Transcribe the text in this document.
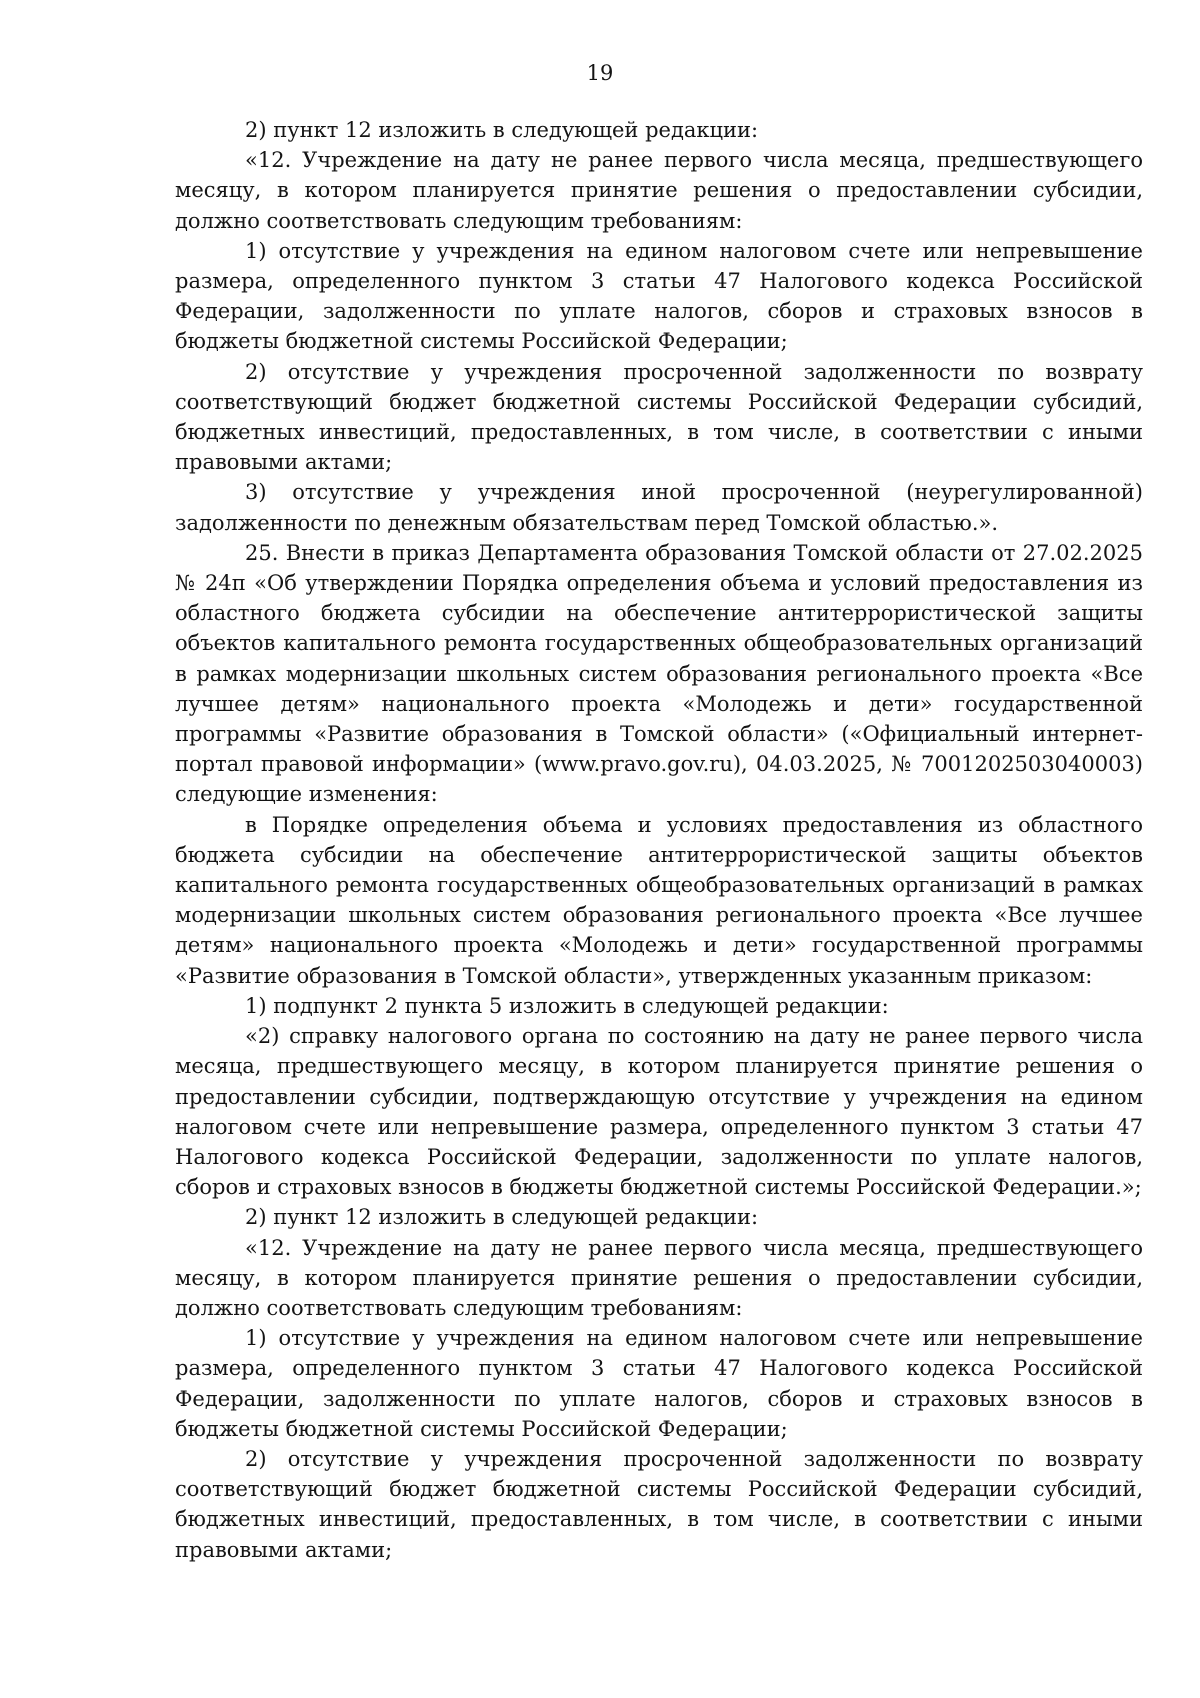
19

2) пункт 12 изложить в следующей редакции:

«12. Учреждение на дату не ранее первого числа месяца, предшествующего месяцу, в котором планируется принятие решения о предоставлении субсидии, должно соответствовать следующим требованиям:

1) отсутствие у учреждения на едином налоговом счете или непревышение размера, определенного пунктом 3 статьи 47 Налогового кодекса Российской Федерации, задолженности по уплате налогов, сборов и страховых взносов в бюджеты бюджетной системы Российской Федерации;

2) отсутствие у учреждения просроченной задолженности по возврату соответствующий бюджет бюджетной системы Российской Федерации субсидий, бюджетных инвестиций, предоставленных, в том числе, в соответствии с иными правовыми актами;

3) отсутствие у учреждения иной просроченной (неурегулированной) задолженности по денежным обязательствам перед Томской областью.».

25. Внести в приказ Департамента образования Томской области от 27.02.2025 № 24п «Об утверждении Порядка определения объема и условий предоставления из областного бюджета субсидии на обеспечение антитеррористической защиты объектов капитального ремонта государственных общеобразовательных организаций в рамках модернизации школьных систем образования регионального проекта «Все лучшее детям» национального проекта «Молодежь и дети» государственной программы «Развитие образования в Томской области» («Официальный интернет-портал правовой информации» (www.pravo.gov.ru), 04.03.2025, № 7001202503040003) следующие изменения:

в Порядке определения объема и условиях предоставления из областного бюджета субсидии на обеспечение антитеррористической защиты объектов капитального ремонта государственных общеобразовательных организаций в рамках модернизации школьных систем образования регионального проекта «Все лучшее детям» национального проекта «Молодежь и дети» государственной программы «Развитие образования в Томской области», утвержденных указанным приказом:

1) подпункт 2 пункта 5 изложить в следующей редакции:

«2) справку налогового органа по состоянию на дату не ранее первого числа месяца, предшествующего месяцу, в котором планируется принятие решения о предоставлении субсидии, подтверждающую отсутствие у учреждения на едином налоговом счете или непревышение размера, определенного пунктом 3 статьи 47 Налогового кодекса Российской Федерации, задолженности по уплате налогов, сборов и страховых взносов в бюджеты бюджетной системы Российской Федерации.»;

2) пункт 12 изложить в следующей редакции:

«12. Учреждение на дату не ранее первого числа месяца, предшествующего месяцу, в котором планируется принятие решения о предоставлении субсидии, должно соответствовать следующим требованиям:

1) отсутствие у учреждения на едином налоговом счете или непревышение размера, определенного пунктом 3 статьи 47 Налогового кодекса Российской Федерации, задолженности по уплате налогов, сборов и страховых взносов в бюджеты бюджетной системы Российской Федерации;

2) отсутствие у учреждения просроченной задолженности по возврату соответствующий бюджет бюджетной системы Российской Федерации субсидий, бюджетных инвестиций, предоставленных, в том числе, в соответствии с иными правовыми актами;
